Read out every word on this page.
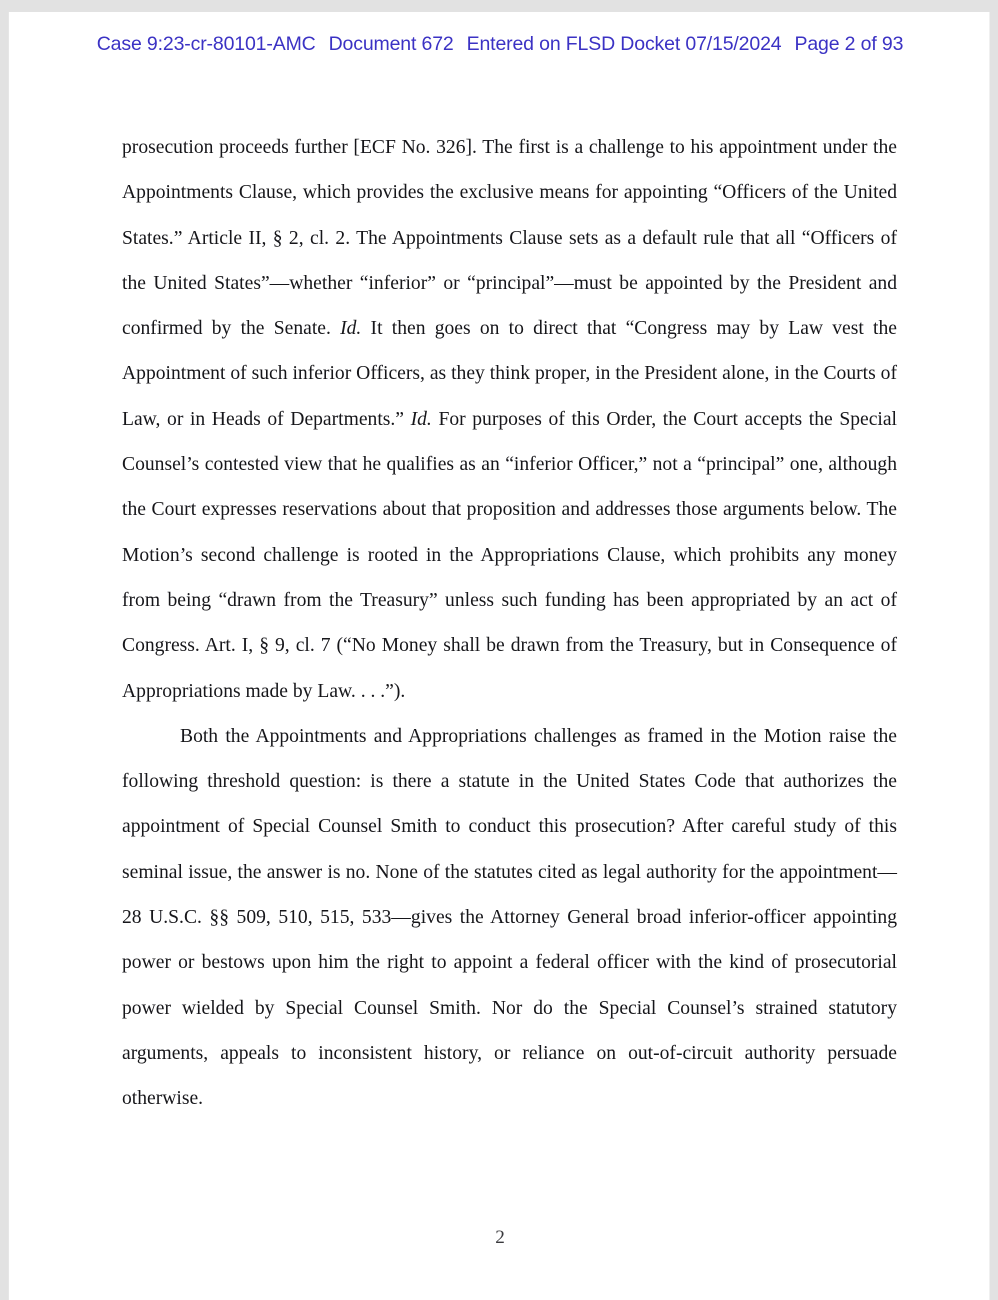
Case 9:23-cr-80101-AMC Document 672 Entered on FLSD Docket 07/15/2024 Page 2 of 93

prosecution proceeds further [ECF No. 326]. The first is a challenge to his appointment under the Appointments Clause, which provides the exclusive means for appointing “Officers of the United States.” Article II, § 2, cl. 2. The Appointments Clause sets as a default rule that all “Officers of the United States”—whether “inferior” or “principal”—must be appointed by the President and confirmed by the Senate. Id. It then goes on to direct that “Congress may by Law vest the Appointment of such inferior Officers, as they think proper, in the President alone, in the Courts of Law, or in Heads of Departments.” Id. For purposes of this Order, the Court accepts the Special Counsel’s contested view that he qualifies as an “inferior Officer,” not a “principal” one, although the Court expresses reservations about that proposition and addresses those arguments below. The Motion’s second challenge is rooted in the Appropriations Clause, which prohibits any money from being “drawn from the Treasury” unless such funding has been appropriated by an act of Congress. Art. I, § 9, cl. 7 (“No Money shall be drawn from the Treasury, but in Consequence of Appropriations made by Law. . . .”).

Both the Appointments and Appropriations challenges as framed in the Motion raise the following threshold question: is there a statute in the United States Code that authorizes the appointment of Special Counsel Smith to conduct this prosecution? After careful study of this seminal issue, the answer is no. None of the statutes cited as legal authority for the appointment—28 U.S.C. §§ 509, 510, 515, 533—gives the Attorney General broad inferior-officer appointing power or bestows upon him the right to appoint a federal officer with the kind of prosecutorial power wielded by Special Counsel Smith. Nor do the Special Counsel’s strained statutory arguments, appeals to inconsistent history, or reliance on out-of-circuit authority persuade otherwise.

2
